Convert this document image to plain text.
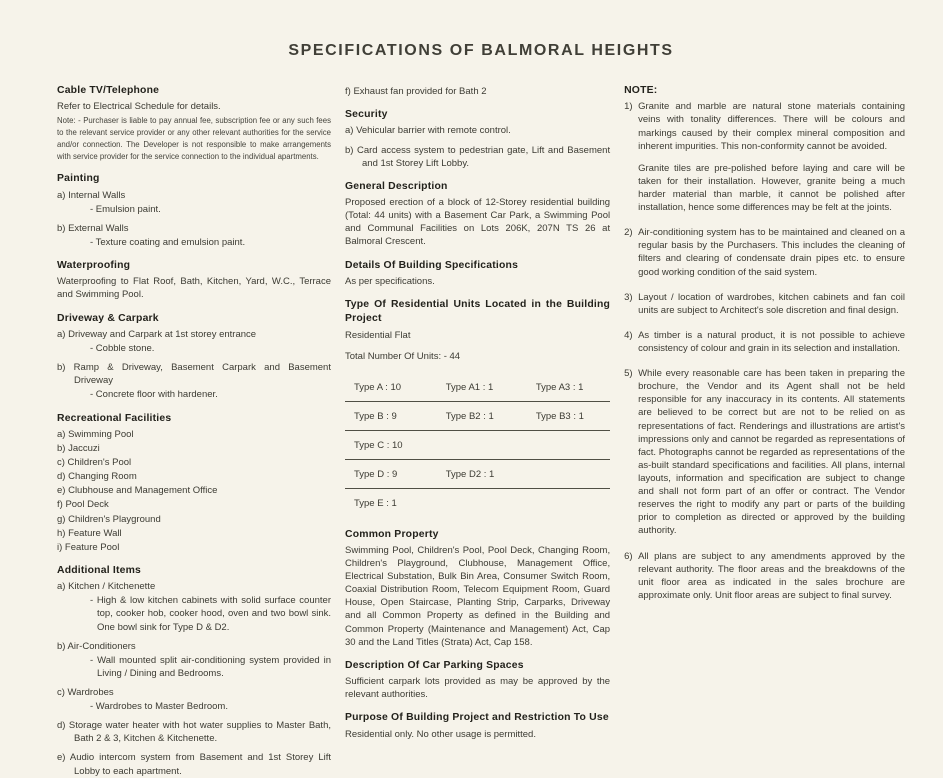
SPECIFICATIONS OF BALMORAL HEIGHTS
Cable TV/Telephone
Refer to Electrical Schedule for details.
Note: - Purchaser is liable to pay annual fee, subscription fee or any such fees to the relevant service provider or any other relevant authorities for the service and/or connection. The Developer is not responsible to make arrangements with service provider for the service connection to the individual apartments.
Painting
a) Internal Walls
- Emulsion paint.
b) External Walls
- Texture coating and emulsion paint.
Waterproofing
Waterproofing to Flat Roof, Bath, Kitchen, Yard, W.C., Terrace and Swimming Pool.
Driveway & Carpark
a) Driveway and Carpark at 1st storey entrance
- Cobble stone.
b) Ramp & Driveway, Basement Carpark and Basement Driveway
- Concrete floor with hardener.
Recreational Facilities
a) Swimming Pool
b) Jaccuzi
c) Children's Pool
d) Changing Room
e) Clubhouse and Management Office
f) Pool Deck
g) Children's Playground
h) Feature Wall
i) Feature Pool
Additional Items
a) Kitchen / Kitchenette
- High & low kitchen cabinets with solid surface counter top, cooker hob, cooker hood, oven and two bowl sink. One bowl sink for Type D & D2.
b) Air-Conditioners
- Wall mounted split air-conditioning system provided in Living / Dining and Bedrooms.
c) Wardrobes
- Wardrobes to Master Bedroom.
d) Storage water heater with hot water supplies to Master Bath, Bath 2 & 3, Kitchen & Kitchenette.
e) Audio intercom system from Basement and 1st Storey Lift Lobby to each apartment.
f) Exhaust fan provided for Bath 2
Security
a) Vehicular barrier with remote control.
b) Card access system to pedestrian gate, Lift and Basement and 1st Storey Lift Lobby.
General Description
Proposed erection of a block of 12-Storey residential building (Total: 44 units) with a Basement Car Park, a Swimming Pool and Communal Facilities on Lots 206K, 207N TS 26 at Balmoral Crescent.
Details Of Building Specifications
As per specifications.
Type Of Residential Units Located in the Building Project
Residential Flat
Total Number Of Units: - 44
Type A : 10	Type A1 : 1	Type A3 : 1
Type B : 9	Type B2 : 1	Type B3 : 1
Type C : 10
Type D : 9	Type D2 : 1
Type E : 1
Common Property
Swimming Pool, Children's Pool, Pool Deck, Changing Room, Children's Playground, Clubhouse, Management Office, Electrical Substation, Bulk Bin Area, Consumer Switch Room, Coaxial Distribution Room, Telecom Equipment Room, Guard House, Open Staircase, Planting Strip, Carparks, Driveway and all Common Property as defined in the Building and Common Property (Maintenance and Management) Act, Cap 30 and the Land Titles (Strata) Act, Cap 158.
Description Of Car Parking Spaces
Sufficient carpark lots provided as may be approved by the relevant authorities.
Purpose Of Building Project and Restriction To Use
Residential only. No other usage is permitted.
NOTE:
1) Granite and marble are natural stone materials containing veins with tonality differences. There will be colours and markings caused by their complex mineral composition and inherent impurities. This non-conformity cannot be avoided.
Granite tiles are pre-polished before laying and care will be taken for their installation. However, granite being a much harder material than marble, it cannot be polished after installation, hence some differences may be felt at the joints.
2) Air-conditioning system has to be maintained and cleaned on a regular basis by the Purchasers. This includes the cleaning of filters and clearing of condensate drain pipes etc. to ensure good working condition of the said system.
3) Layout / location of wardrobes, kitchen cabinets and fan coil units are subject to Architect's sole discretion and final design.
4) As timber is a natural product, it is not possible to achieve consistency of colour and grain in its selection and installation.
5) While every reasonable care has been taken in preparing the brochure, the Vendor and its Agent shall not be held responsible for any inaccuracy in its contents. All statements are believed to be correct but are not to be relied on as representations of fact. Renderings and illustrations are artist's impressions only and cannot be regarded as representations of fact. Photographs cannot be regarded as representations of the as-built standard specifications and facilities. All plans, internal layouts, information and specification are subject to change and shall not form part of an offer or contract. The Vendor reserves the right to modify any part or parts of the building prior to completion as directed or approved by the building authority.
6) All plans are subject to any amendments approved by the relevant authority. The floor areas and the breakdowns of the unit floor area as indicated in the sales brochure are approximate only. Unit floor areas are subject to final survey.
